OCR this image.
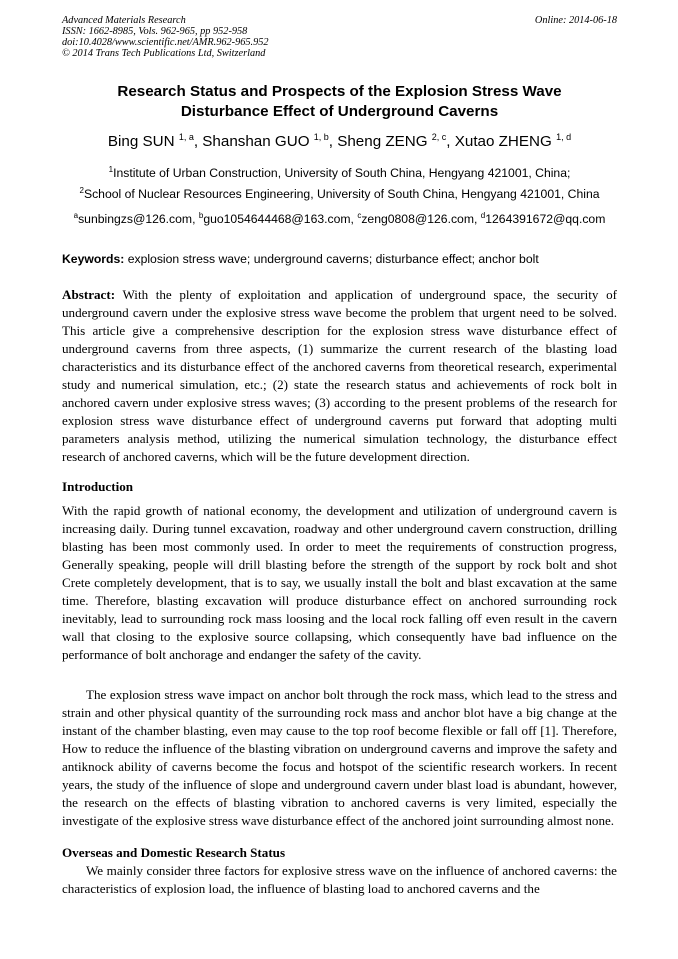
Advanced Materials Research
ISSN: 1662-8985, Vols. 962-965, pp 952-958
doi:10.4028/www.scientific.net/AMR.962-965.952
© 2014 Trans Tech Publications Ltd, Switzerland
Online: 2014-06-18
Research Status and Prospects of the Explosion Stress Wave
Disturbance Effect of Underground Caverns
Bing SUN $^{1, a}$, Shanshan GUO $^{1, b}$, Sheng ZENG $^{2, c}$, Xutao ZHENG $^{1, d}$
$^1$Institute of Urban Construction, University of South China, Hengyang 421001, China;
$^2$School of Nuclear Resources Engineering, University of South China, Hengyang 421001, China
$^a$sunbingzs@126.com, $^b$guo1054644468@163.com, $^c$zeng0808@126.com, $^d$1264391672@qq.com
Keywords: explosion stress wave; underground caverns; disturbance effect; anchor bolt

Abstract: With the plenty of exploitation and application of underground space, the security of underground cavern under the explosive stress wave become the problem that urgent need to be solved. This article give a comprehensive description for the explosion stress wave disturbance effect of underground caverns from three aspects, (1) summarize the current research of the blasting load characteristics and its disturbance effect of the anchored caverns from theoretical research, experimental study and numerical simulation, etc.; (2) state the research status and achievements of rock bolt in anchored cavern under explosive stress waves; (3) according to the present problems of the research for explosion stress wave disturbance effect of underground caverns put forward that adopting multi parameters analysis method, utilizing the numerical simulation technology, the disturbance effect research of anchored caverns, which will be the future development direction.

Introduction

With the rapid growth of national economy, the development and utilization of underground cavern is increasing daily. During tunnel excavation, roadway and other underground cavern construction, drilling blasting has been most commonly used. In order to meet the requirements of construction progress, Generally speaking, people will drill blasting before the strength of the support by rock bolt and shot Crete completely development, that is to say, we usually install the bolt and blast excavation at the same time. Therefore, blasting excavation will produce disturbance effect on anchored surrounding rock inevitably, lead to surrounding rock mass loosing and the local rock falling off even result in the cavern wall that closing to the explosive source collapsing, which consequently have bad influence on the performance of bolt anchorage and endanger the safety of the cavity.

The explosion stress wave impact on anchor bolt through the rock mass, which lead to the stress and strain and other physical quantity of the surrounding rock mass and anchor blot have a big change at the instant of the chamber blasting, even may cause to the top roof become flexible or fall off [1]. Therefore, How to reduce the influence of the blasting vibration on underground caverns and improve the safety and antiknock ability of caverns become the focus and hotspot of the scientific research workers. In recent years, the study of the influence of slope and underground cavern under blast load is abundant, however, the research on the effects of blasting vibration to anchored caverns is very limited, especially the investigate of the explosive stress wave disturbance effect of the anchored joint surrounding almost none.

Overseas and Domestic Research Status

We mainly consider three factors for explosive stress wave on the influence of anchored caverns: the characteristics of explosion load, the influence of blasting load to anchored caverns and the
